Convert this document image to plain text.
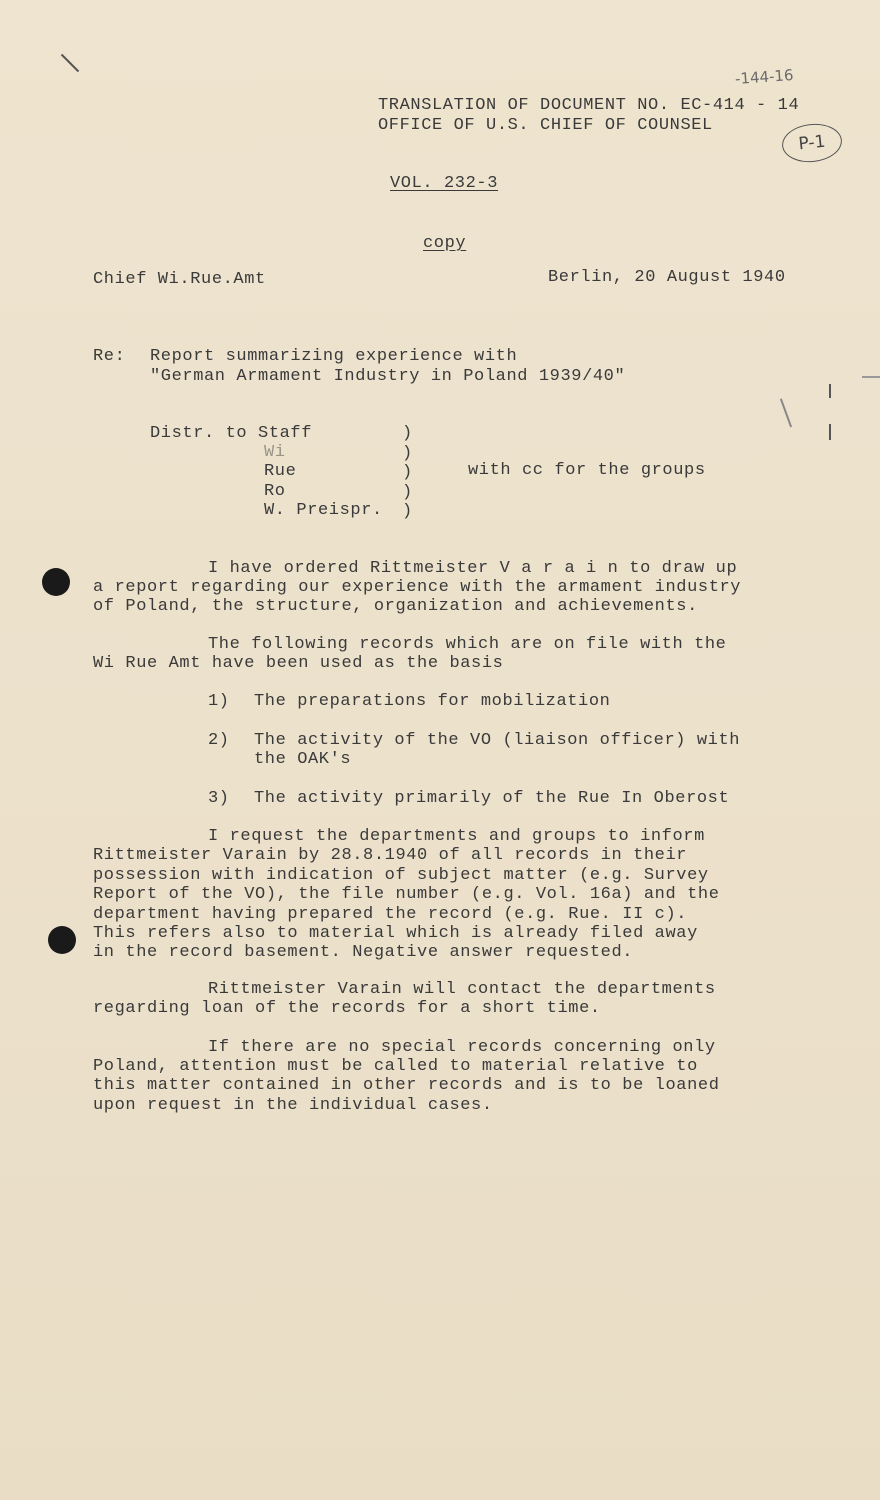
TRANSLATION OF DOCUMENT NO. EC-414 - 14
OFFICE OF U.S. CHIEF OF COUNSEL
-144-16
P-1
VOL. 232-3
copy
Chief Wi.Rue.Amt	Berlin, 20 August 1940
Re: Report summarizing experience with
"German Armament Industry in Poland 1939/40"
Distr. to Staff
Wi
Rue
Ro
W. Preispr.
)
)
)
)
)
with cc for the groups
I have ordered Rittmeister V a r a i n to draw up
a report regarding our experience with the armament industry
of Poland, the structure, organization and achievements.
The following records which are on file with the
Wi Rue Amt have been used as the basis
1) The preparations for mobilization
2) The activity of the VO (liaison officer) with
the OAK's
3) The activity primarily of the Rue In Oberost
I request the departments and groups to inform
Rittmeister Varain by 28.8.1940 of all records in their
possession with indication of subject matter (e.g. Survey
Report of the VO), the file number (e.g. Vol. 16a) and the
department having prepared the record (e.g. Rue. II c).
This refers also to material which is already filed away
in the record basement. Negative answer requested.
Rittmeister Varain will contact the departments
regarding loan of the records for a short time.
If there are no special records concerning only
Poland, attention must be called to material relative to
this matter contained in other records and is to be loaned
upon request in the individual cases.
